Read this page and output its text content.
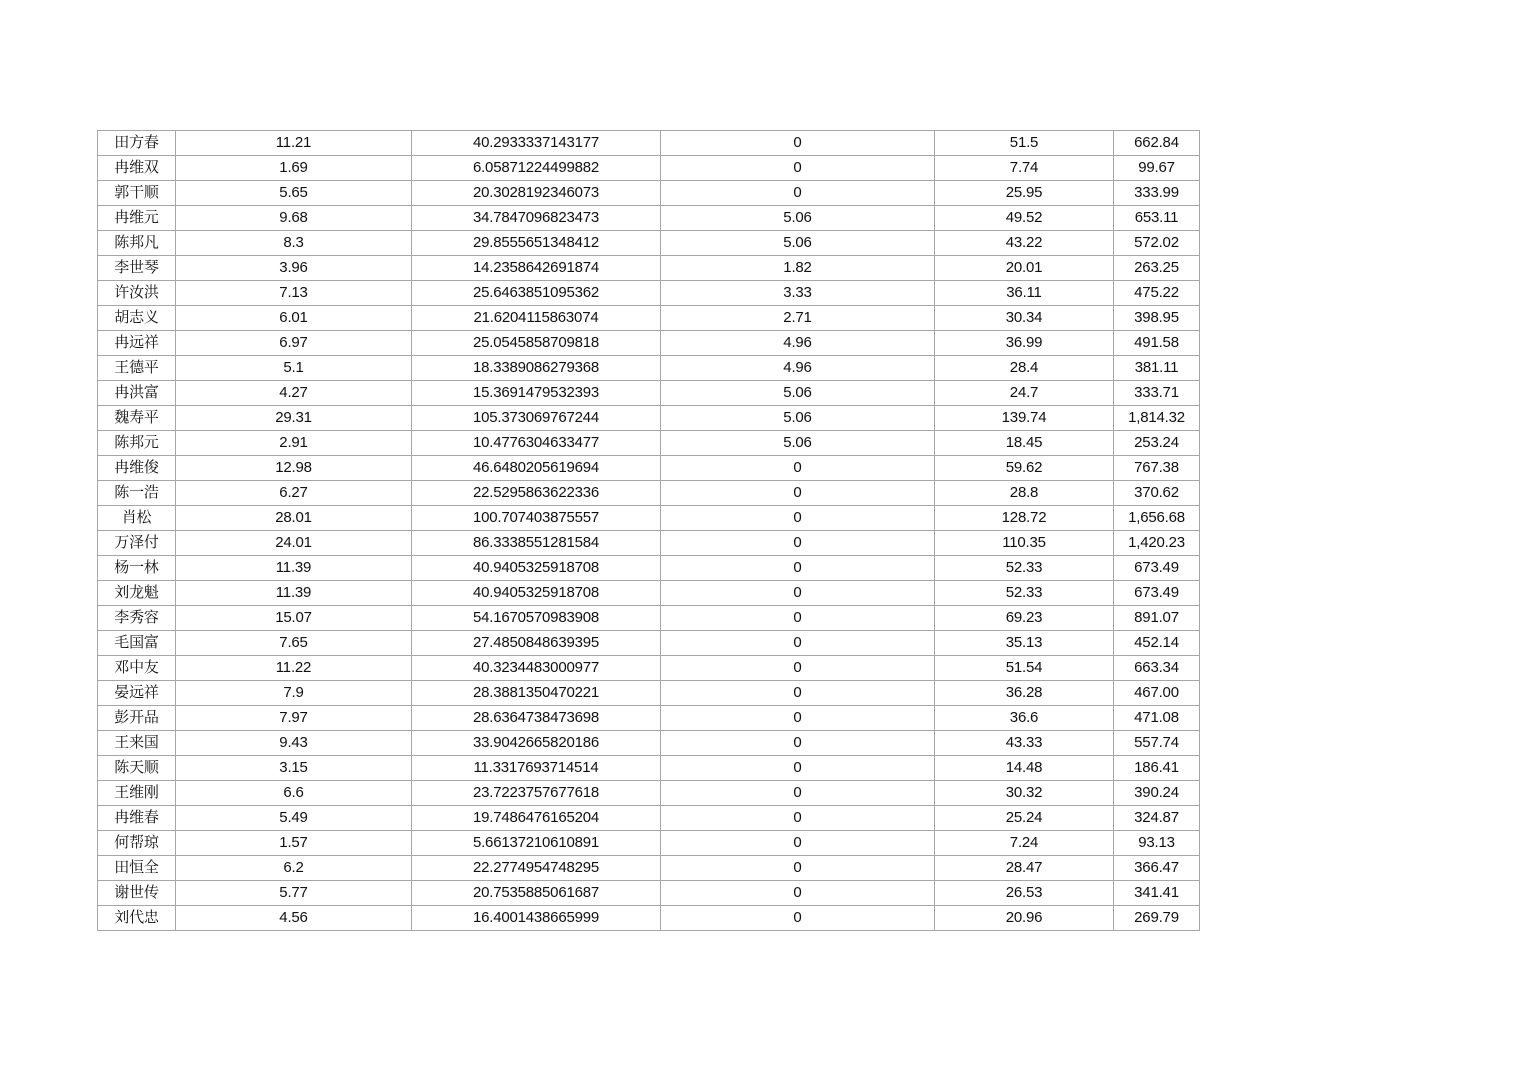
田方春	11.21	40.2933337143177	0	51.5	662.84
冉维双	1.69	6.05871224499882	0	7.74	99.67
郭干顺	5.65	20.3028192346073	0	25.95	333.99
冉维元	9.68	34.7847096823473	5.06	49.52	653.11
陈邦凡	8.3	29.8555651348412	5.06	43.22	572.02
李世琴	3.96	14.2358642691874	1.82	20.01	263.25
许汝洪	7.13	25.6463851095362	3.33	36.11	475.22
胡志义	6.01	21.6204115863074	2.71	30.34	398.95
冉远祥	6.97	25.0545858709818	4.96	36.99	491.58
王德平	5.1	18.3389086279368	4.96	28.4	381.11
冉洪富	4.27	15.3691479532393	5.06	24.7	333.71
魏寿平	29.31	105.373069767244	5.06	139.74	1,814.32
陈邦元	2.91	10.4776304633477	5.06	18.45	253.24
冉维俊	12.98	46.6480205619694	0	59.62	767.38
陈一浩	6.27	22.5295863622336	0	28.8	370.62
肖松	28.01	100.707403875557	0	128.72	1,656.68
万泽付	24.01	86.3338551281584	0	110.35	1,420.23
杨一林	11.39	40.9405325918708	0	52.33	673.49
刘龙魁	11.39	40.9405325918708	0	52.33	673.49
李秀容	15.07	54.1670570983908	0	69.23	891.07
毛国富	7.65	27.4850848639395	0	35.13	452.14
邓中友	11.22	40.3234483000977	0	51.54	663.34
晏远祥	7.9	28.3881350470221	0	36.28	467.00
彭开品	7.97	28.6364738473698	0	36.6	471.08
王来国	9.43	33.9042665820186	0	43.33	557.74
陈天顺	3.15	11.3317693714514	0	14.48	186.41
王维刚	6.6	23.7223757677618	0	30.32	390.24
冉维春	5.49	19.7486476165204	0	25.24	324.87
何帮琼	1.57	5.66137210610891	0	7.24	93.13
田恒全	6.2	22.2774954748295	0	28.47	366.47
谢世传	5.77	20.7535885061687	0	26.53	341.41
刘代忠	4.56	16.4001438665999	0	20.96	269.79
